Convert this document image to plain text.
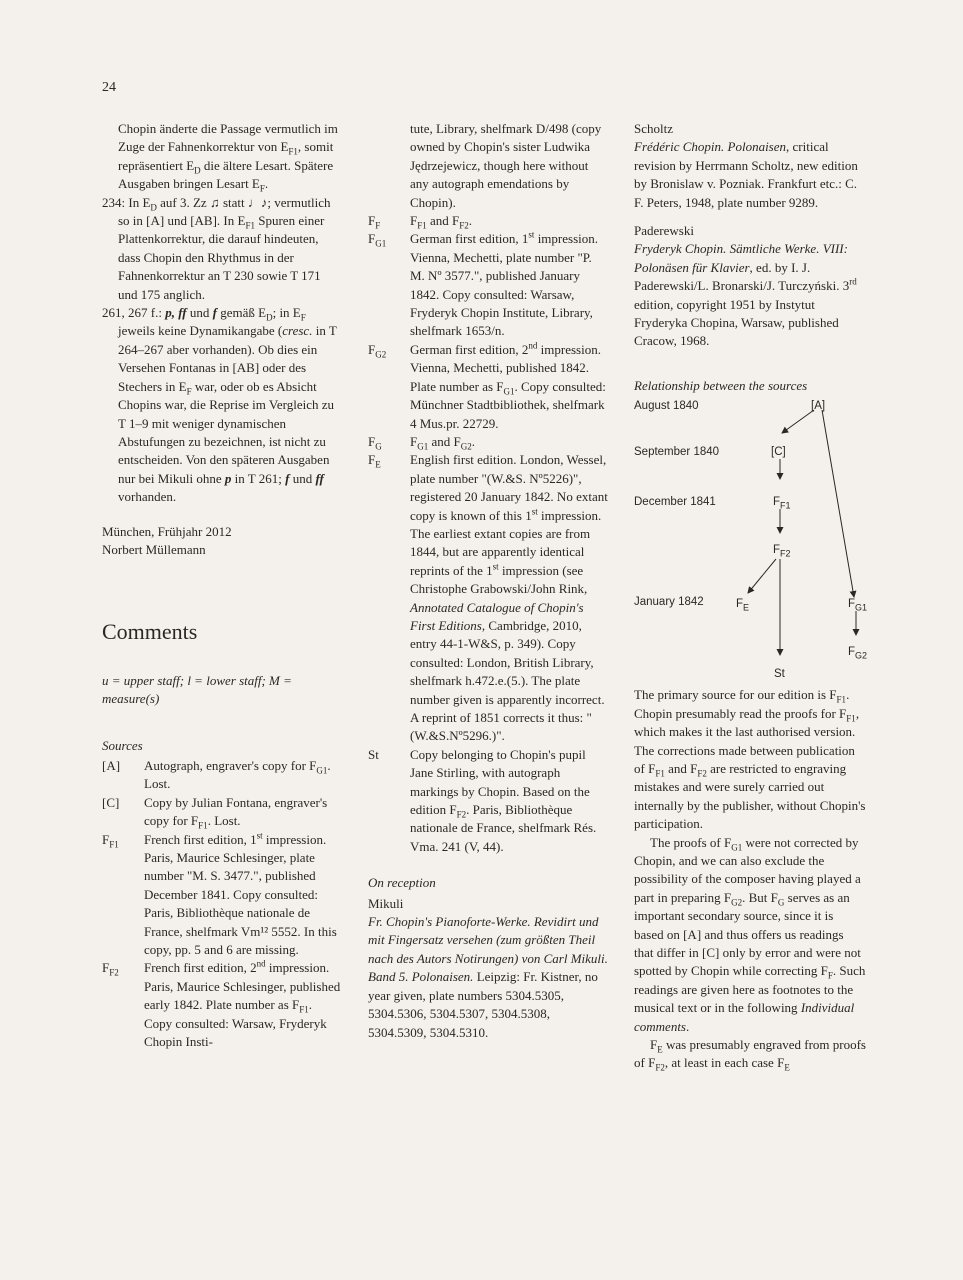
24

Chopin änderte die Passage vermutlich im Zuge der Fahnenkorrektur von $E_{F1}$, somit repräsentiert $E_D$ die ältere Lesart. Spätere Ausgaben bringen Lesart $E_F$.

234: In $E_D$ auf 3. Zz ♫ statt ♩♪; vermutlich so in [A] und [AB]. In $E_{F1}$ Spuren einer Plattenkorrektur, die darauf hindeuten, dass Chopin den Rhythmus in der Fahnenkorrektur an T 230 sowie T 171 und 175 anglich.

261, 267 f.: p, ff und f gemäß $E_D$; in $E_F$ jeweils keine Dynamikangabe (cresc. in T 264–267 aber vorhanden). Ob dies ein Versehen Fontanas in [AB] oder des Stechers in $E_F$ war, oder ob es Absicht Chopins war, die Reprise im Vergleich zu T 1–9 mit weniger dynamischen Abstufungen zu bezeichnen, ist nicht zu entscheiden. Von den späteren Ausgaben nur bei Mikuli ohne p in T 261; f und ff vorhanden.

München, Frühjahr 2012

Norbert Müllemann

Comments

u = upper staff; l = lower staff; M = measure(s)

Sources

[A]	Autograph, engraver's copy for $F_{G1}$. Lost.
[C]	Copy by Julian Fontana, engraver's copy for $F_{F1}$. Lost.
$F_{F1}$	French first edition, 1st impression. Paris, Maurice Schlesinger, plate number "M. S. 3477.", published December 1841. Copy consulted: Paris, Bibliothèque nationale de France, shelfmark Vm¹² 5552. In this copy, pp. 5 and 6 are missing.
$F_{F2}$	French first edition, 2nd impression. Paris, Maurice Schlesinger, published early 1842. Plate number as $F_{F1}$. Copy consulted: Warsaw, Fryderyk Chopin Insti-

tute, Library, shelfmark D/498 (copy owned by Chopin's sister Ludwika Jędrzejewicz, though here without any autograph emendations by Chopin).

$F_F$	$F_{F1}$ and $F_{F2}$.
$F_{G1}$	German first edition, 1st impression. Vienna, Mechetti, plate number "P. M. Nº 3577.", published January 1842. Copy consulted: Warsaw, Fryderyk Chopin Institute, Library, shelfmark 1653/n.
$F_{G2}$	German first edition, 2nd impression. Vienna, Mechetti, published 1842. Plate number as $F_{G1}$. Copy consulted: Münchner Stadtbibliothek, shelfmark 4 Mus.pr. 22729.
$F_G$	$F_{G1}$ and $F_{G2}$.
$F_E$	English first edition. London, Wessel, plate number "(W.&S. Nº5226)", registered 20 January 1842. No extant copy is known of this 1st impression. The earliest extant copies are from 1844, but are apparently identical reprints of the 1st impression (see Christophe Grabowski/John Rink, Annotated Catalogue of Chopin's First Editions, Cambridge, 2010, entry 44-1-W&S, p. 349). Copy consulted: London, British Library, shelfmark h.472.e.(5.). The plate number given is apparently incorrect. A reprint of 1851 corrects it thus: "(W.&S.Nº5296.)".
St	Copy belonging to Chopin's pupil Jane Stirling, with autograph markings by Chopin. Based on the edition $F_{F2}$. Paris, Bibliothèque nationale de France, shelfmark Rés. Vma. 241 (V, 44).

On reception

Mikuli

Fr. Chopin's Pianoforte-Werke. Revidirt und mit Fingersatz versehen (zum größten Theil nach des Autors Notirungen) von Carl Mikuli. Band 5. Polonaisen. Leipzig: Fr. Kistner, no year given, plate numbers 5304.5305, 5304.5306, 5304.5307, 5304.5308, 5304.5309, 5304.5310.

Scholtz

Frédéric Chopin. Polonaisen, critical revision by Herrmann Scholtz, new edition by Bronislaw v. Pozniak. Frankfurt etc.: C. F. Peters, 1948, plate number 9289.

Paderewski

Fryderyk Chopin. Sämtliche Werke. VIII: Polonäsen für Klavier, ed. by I. J. Paderewski/L. Bronarski/J. Turczyński. 3rd edition, copyright 1951 by Instytut Fryderyka Chopina, Warsaw, published Cracow, 1968.

Relationship between the sources

August 1840
September 1840
December 1841
January 1842
[A]
[C]
$F_{F1}$
$F_{F2}$
$F_E$	$F_{G1}$
$F_{G2}$
St

The primary source for our edition is $F_{F1}$. Chopin presumably read the proofs for $F_{F1}$, which makes it the last authorised version. The corrections made between publication of $F_{F1}$ and $F_{F2}$ are restricted to engraving mistakes and were surely carried out internally by the publisher, without Chopin's participation.

The proofs of $F_{G1}$ were not corrected by Chopin, and we can also exclude the possibility of the composer having played a part in preparing $F_{G2}$. But $F_G$ serves as an important secondary source, since it is based on [A] and thus offers us readings that differ in [C] only by error and were not spotted by Chopin while correcting $F_F$. Such readings are given here as footnotes to the musical text or in the following Individual comments.

$F_E$ was presumably engraved from proofs of $F_{F2}$, at least in each case $F_E$
